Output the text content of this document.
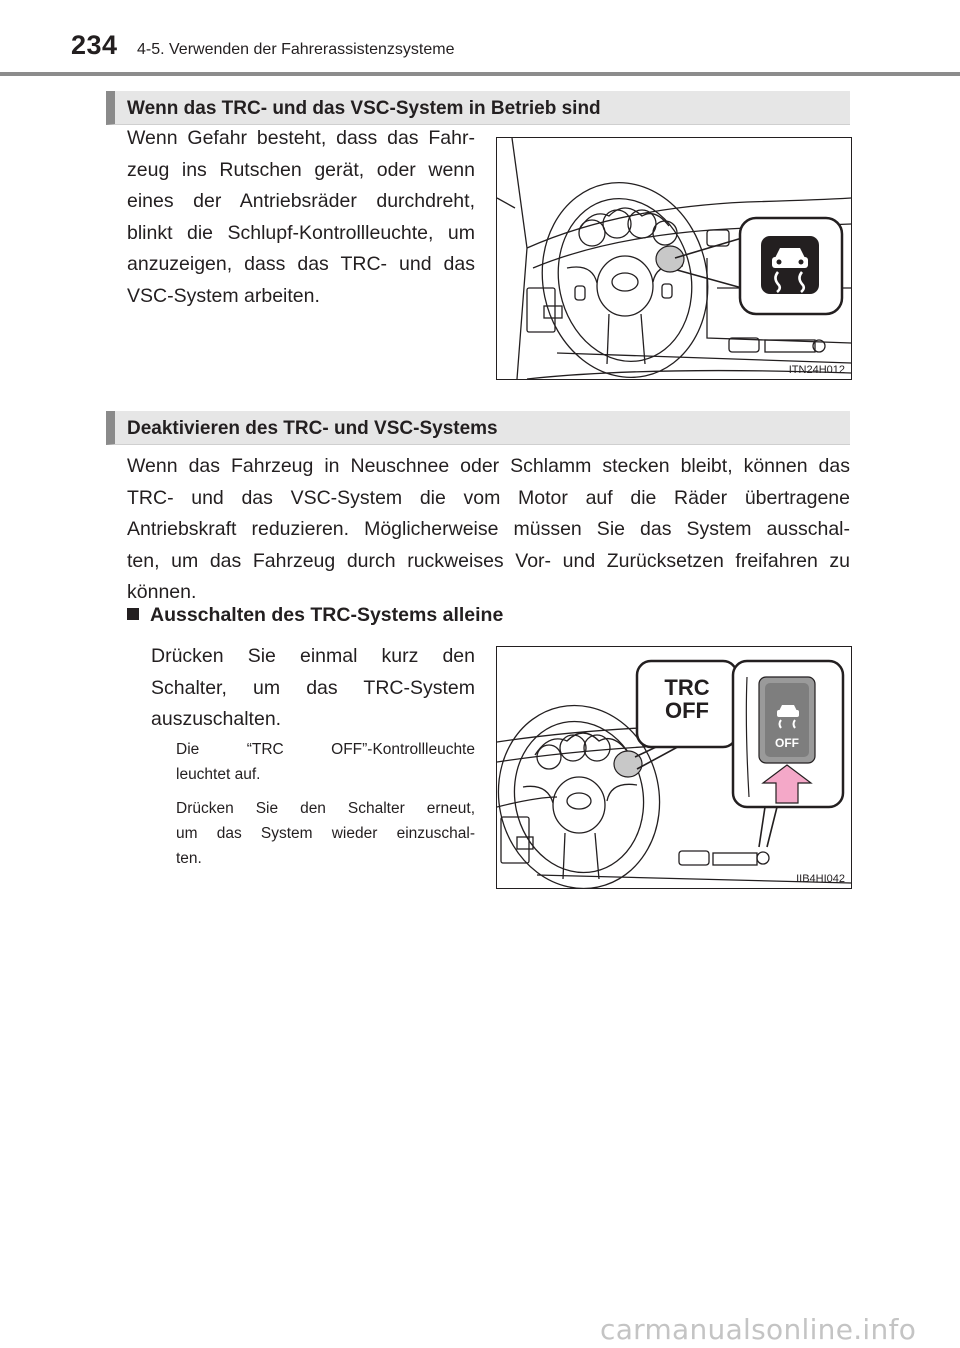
234 4-5. Verwenden der Fahrerassistenzsysteme
Wenn das TRC- und das VSC-System in Betrieb sind
Wenn Gefahr besteht, dass das Fahr-
zeug ins Rutschen gerät, oder wenn
eines der Antriebsräder durchdreht,
blinkt die Schlupf-Kontrollleuchte, um
anzuzeigen, dass das TRC- und das
VSC-System arbeiten.
ITN24H012
Deaktivieren des TRC- und VSC-Systems
Wenn das Fahrzeug in Neuschnee oder Schlamm stecken bleibt, können das
TRC- und das VSC-System die vom Motor auf die Räder übertragene
Antriebskraft reduzieren. Möglicherweise müssen Sie das System ausschal-
ten, um das Fahrzeug durch ruckweises Vor- und Zurücksetzen freifahren zu
können.
Ausschalten des TRC-Systems alleine
Drücken Sie einmal kurz den
Schalter, um das TRC-System
auszuschalten.
Die “TRC OFF”-Kontrollleuchte
leuchtet auf.
Drücken Sie den Schalter erneut,
um das System wieder einzuschal-
ten.
TRC
OFF
OFF
IIB4HI042
carmanualsonline.info
